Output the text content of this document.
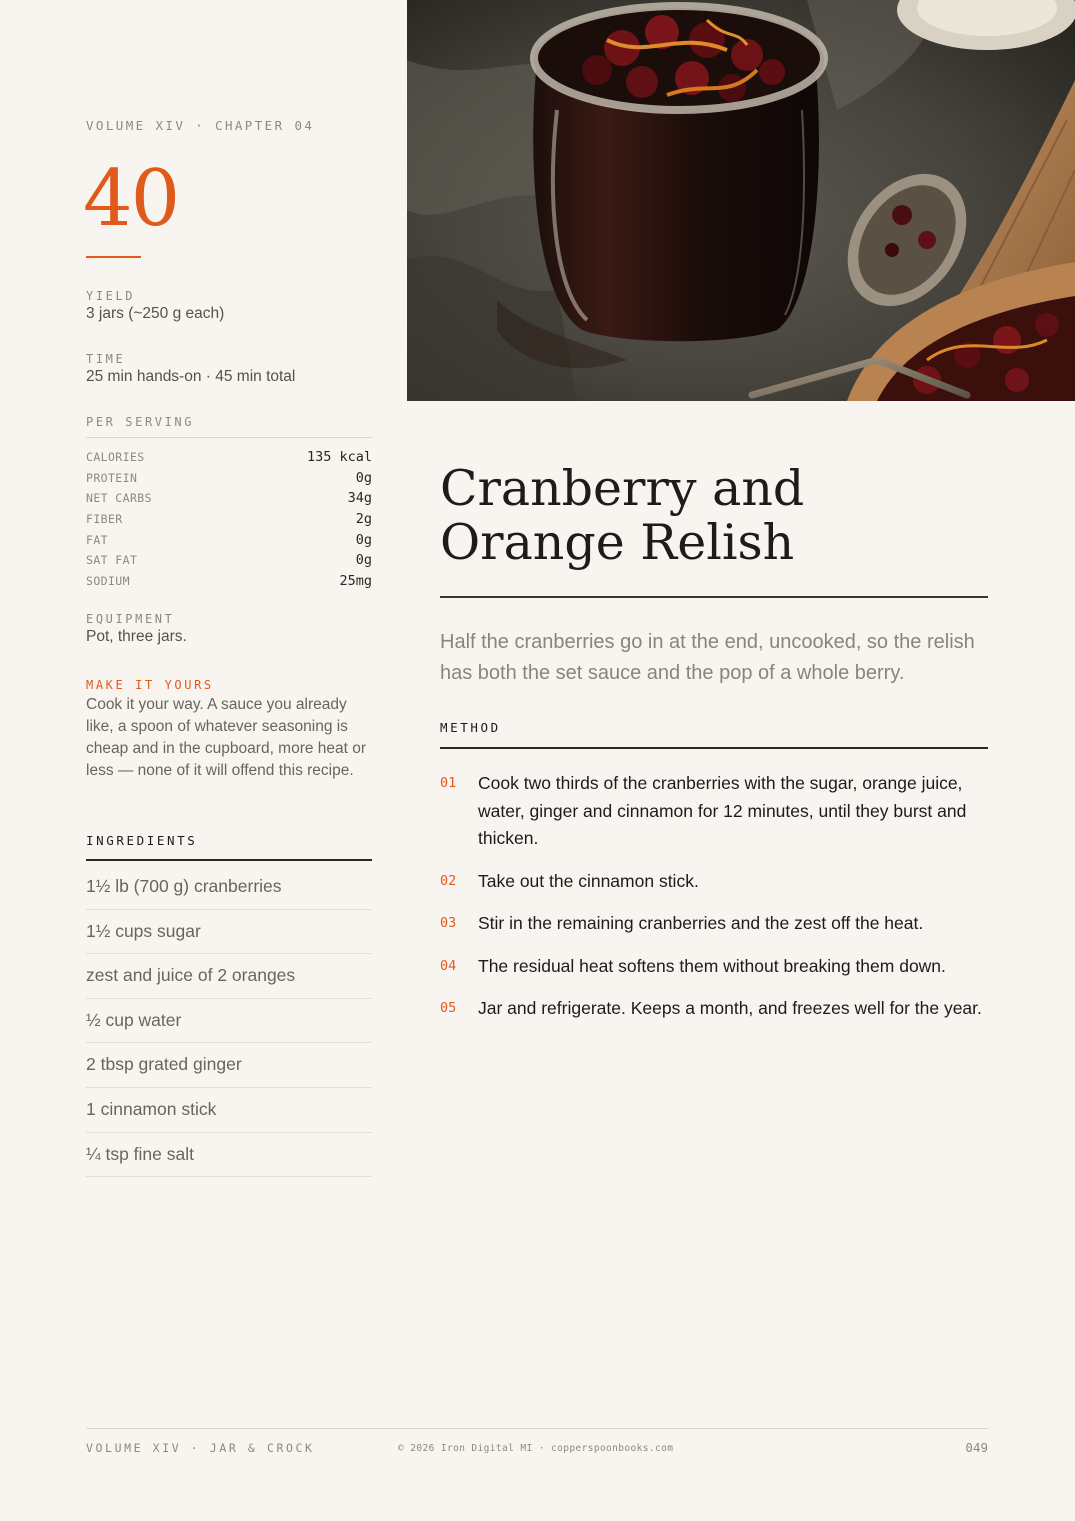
VOLUME XIV · CHAPTER 04
40
YIELD
3 jars (~250 g each)
TIME
25 min hands-on · 45 min total
PER SERVING
CALORIES	135 kcal
PROTEIN	0g
NET CARBS	34g
FIBER	2g
FAT	0g
SAT FAT	0g
SODIUM	25mg
EQUIPMENT
Pot, three jars.
MAKE IT YOURS
Cook it your way. A sauce you already like, a spoon of whatever seasoning is cheap and in the cupboard, more heat or less — none of it will offend this recipe.
INGREDIENTS
1½ lb (700 g) cranberries
1½ cups sugar
zest and juice of 2 oranges
½ cup water
2 tbsp grated ginger
1 cinnamon stick
¼ tsp fine salt
Cranberry and Orange Relish

Half the cranberries go in at the end, uncooked, so the relish has both the set sauce and the pop of a whole berry.

METHOD
01	Cook two thirds of the cranberries with the sugar, orange juice, water, ginger and cinnamon for 12 minutes, until they burst and thicken.
02	Take out the cinnamon stick.
03	Stir in the remaining cranberries and the zest off the heat.
04	The residual heat softens them without breaking them down.
05	Jar and refrigerate. Keeps a month, and freezes well for the year.
VOLUME XIV · JAR & CROCK	© 2026 Iron Digital MI · copperspoonbooks.com	049
